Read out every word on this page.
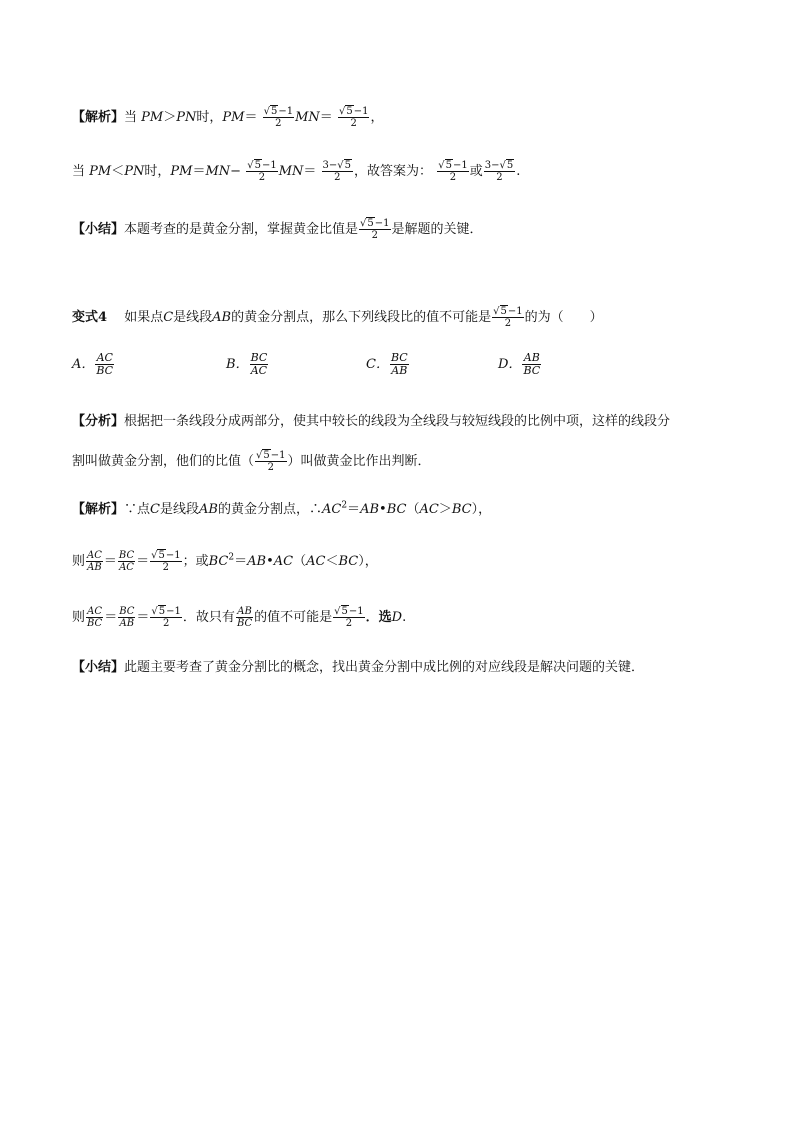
【解析】当 PM＞PN时，$PM= \frac{√5-1}{2} MN= \frac{√5-1}{2}$ ，
当 PM＜PN时，$PM=MN- \frac{√5-1}{2} MN= \frac{3-√5}{2}$ ，故答案为： $\frac{√5-1}{2}$ 或 $\frac{3-√5}{2}$ .
【小结】本题考查的是黄金分割，掌握黄金比值是 $\frac{√5-1}{2}$ 是解题的关键．
变式4　 如果点C是线段AB的黄金分割点，那么下列线段比的值不可能是 $\frac{√5-1}{2}$ 的为（　　）
A． $\frac{AC}{BC}$	B． $\frac{BC}{AC}$	C． $\frac{BC}{AB}$	D． $\frac{AB}{BC}$
【分析】根据把一条线段分成两部分，使其中较长的线段为全线段与较短线段的比例中项，这样的线段分
割叫做黄金分割，他们的比值（ $\frac{√5-1}{2}$ ）叫做黄金比作出判断．
【解析】∵点C是线段AB的黄金分割点，$\therefore AC^2=AB•BC(AC>BC)$，
则 $\frac{AC}{AB} = \frac{BC}{AC} = \frac{√5-1}{2}$ ；或$BC^2=AB•AC(AC<BC)$，
则 $\frac{AC}{BC} = \frac{BC}{AB} = \frac{√5-1}{2}$ ．故只有 $\frac{AB}{BC}$ 的值不可能是 $\frac{√5-1}{2}$ ．选D.
【小结】此题主要考查了黄金分割比的概念，找出黄金分割中成比例的对应线段是解决问题的关键．
